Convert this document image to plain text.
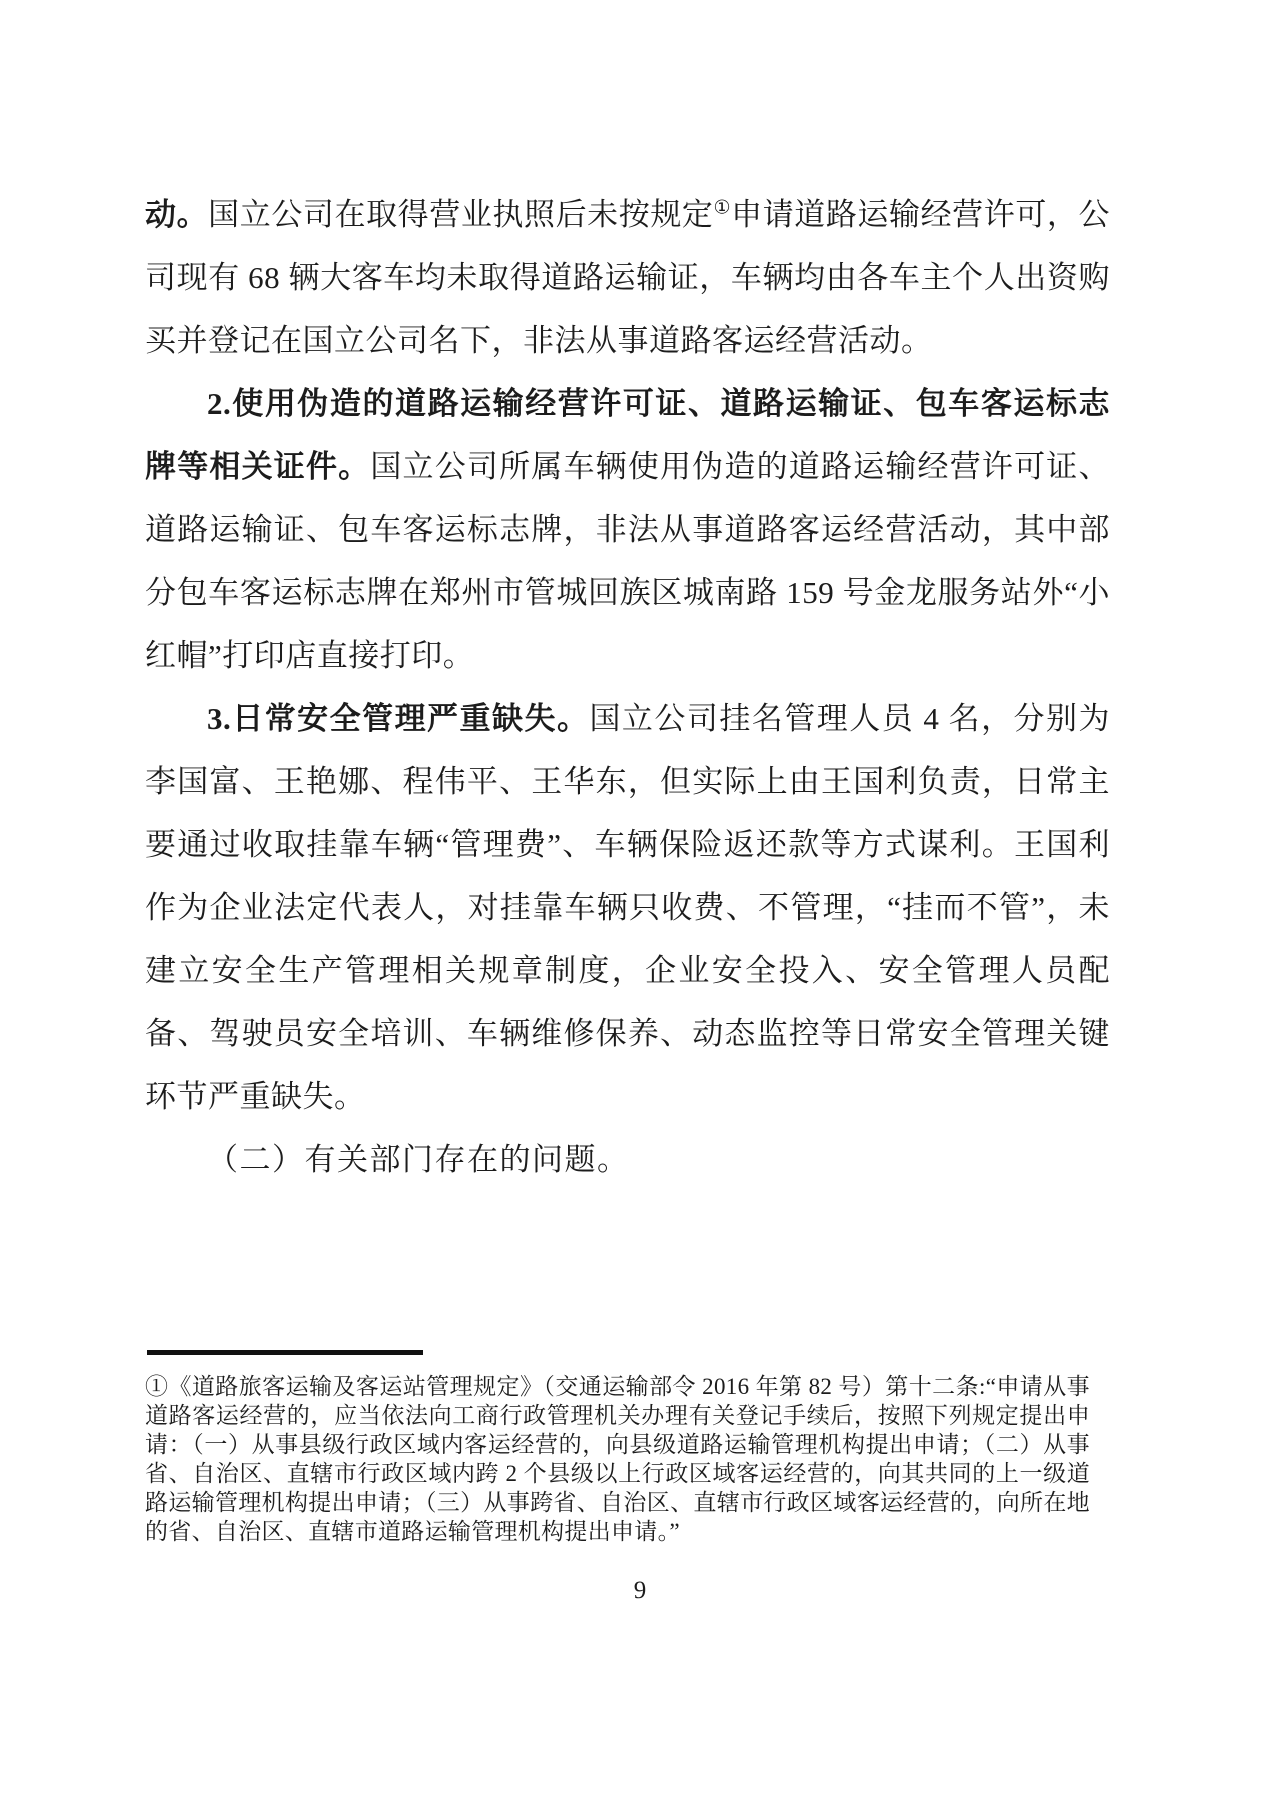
动。国立公司在取得营业执照后未按规定①申请道路运输经营许可，公司现有 68 辆大客车均未取得道路运输证，车辆均由各车主个人出资购买并登记在国立公司名下，非法从事道路客运经营活动。

2.使用伪造的道路运输经营许可证、道路运输证、包车客运标志牌等相关证件。国立公司所属车辆使用伪造的道路运输经营许可证、道路运输证、包车客运标志牌，非法从事道路客运经营活动，其中部分包车客运标志牌在郑州市管城回族区城南路 159 号金龙服务站外“小红帽”打印店直接打印。

3.日常安全管理严重缺失。国立公司挂名管理人员 4 名，分别为李国富、王艳娜、程伟平、王华东，但实际上由王国利负责，日常主要通过收取挂靠车辆“管理费”、车辆保险返还款等方式谋利。王国利作为企业法定代表人，对挂靠车辆只收费、不管理，“挂而不管”，未建立安全生产管理相关规章制度，企业安全投入、安全管理人员配备、驾驶员安全培训、车辆维修保养、动态监控等日常安全管理关键环节严重缺失。

（二）有关部门存在的问题。

①《道路旅客运输及客运站管理规定》（交通运输部令 2016 年第 82 号）第十二条:“申请从事道路客运经营的，应当依法向工商行政管理机关办理有关登记手续后，按照下列规定提出申请：（一）从事县级行政区域内客运经营的，向县级道路运输管理机构提出申请；（二）从事省、自治区、直辖市行政区域内跨 2 个县级以上行政区域客运经营的，向其共同的上一级道路运输管理机构提出申请；（三）从事跨省、自治区、直辖市行政区域客运经营的，向所在地的省、自治区、直辖市道路运输管理机构提出申请。”

9
